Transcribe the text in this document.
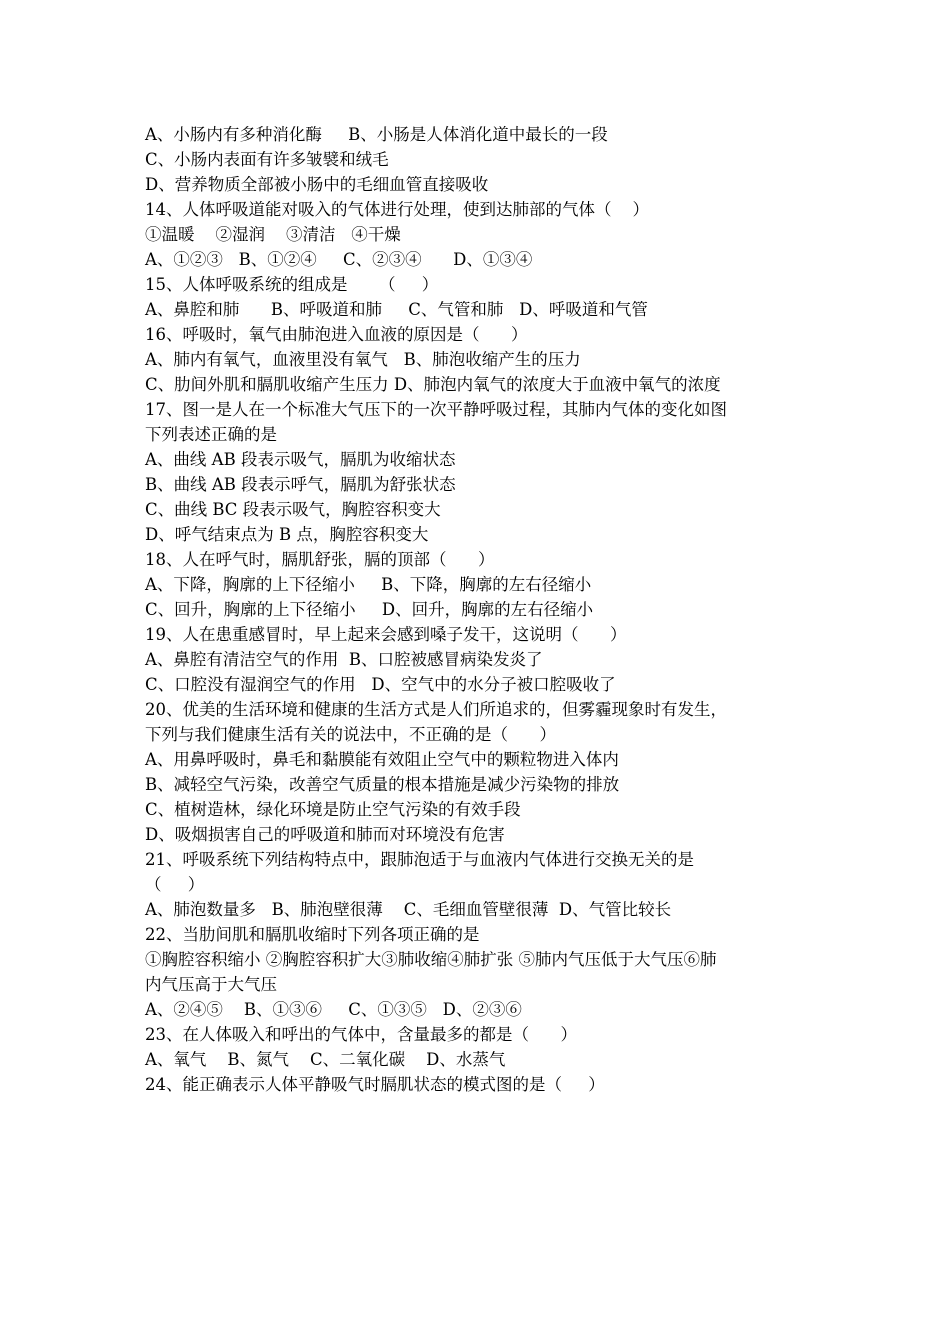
A、小肠内有多种消化酶     B、小肠是人体消化道中最长的一段
C、小肠内表面有许多皱襞和绒毛
D、营养物质全部被小肠中的毛细血管直接吸收
14、人体呼吸道能对吸入的气体进行处理，使到达肺部的气体（    ）
①温暖    ②湿润    ③清洁   ④干燥
A、①②③   B、①②④     C、②③④      D、①③④
15、人体呼吸系统的组成是      （     ）
A、鼻腔和肺      B、呼吸道和肺     C、气管和肺   D、呼吸道和气管
16、呼吸时，氧气由肺泡进入血液的原因是（      ）
A、肺内有氧气，血液里没有氧气   B、肺泡收缩产生的压力
C、肋间外肌和膈肌收缩产生压力 D、肺泡内氧气的浓度大于血液中氧气的浓度
17、图一是人在一个标准大气压下的一次平静呼吸过程，其肺内气体的变化如图
下列表述正确的是
A、曲线 AB 段表示吸气，膈肌为收缩状态
B、曲线 AB 段表示呼气，膈肌为舒张状态
C、曲线 BC 段表示吸气，胸腔容积变大
D、呼气结束点为 B 点，胸腔容积变大
18、人在呼气时，膈肌舒张，膈的顶部（      ）
A、下降，胸廓的上下径缩小     B、下降，胸廓的左右径缩小
C、回升，胸廓的上下径缩小     D、回升，胸廓的左右径缩小
19、人在患重感冒时，早上起来会感到嗓子发干，这说明（      ）
A、鼻腔有清洁空气的作用  B、口腔被感冒病染发炎了
C、口腔没有湿润空气的作用   D、空气中的水分子被口腔吸收了
20、优美的生活环境和健康的生活方式是人们所追求的，但雾霾现象时有发生，
下列与我们健康生活有关的说法中，不正确的是（      ）
A、用鼻呼吸时，鼻毛和黏膜能有效阻止空气中的颗粒物进入体内
B、减轻空气污染，改善空气质量的根本措施是减少污染物的排放
C、植树造林，绿化环境是防止空气污染的有效手段
D、吸烟损害自己的呼吸道和肺而对环境没有危害
21、呼吸系统下列结构特点中，跟肺泡适于与血液内气体进行交换无关的是
（     ）
A、肺泡数量多   B、肺泡壁很薄    C、毛细血管壁很薄  D、气管比较长
22、当肋间肌和膈肌收缩时下列各项正确的是
①胸腔容积缩小 ②胸腔容积扩大③肺收缩④肺扩张 ⑤肺内气压低于大气压⑥肺
内气压高于大气压
A、②④⑤    B、①③⑥     C、①③⑤   D、②③⑥
23、在人体吸入和呼出的气体中，含量最多的都是（      ）
A、氧气    B、氮气    C、二氧化碳    D、水蒸气
24、能正确表示人体平静吸气时膈肌状态的模式图的是（     ）
